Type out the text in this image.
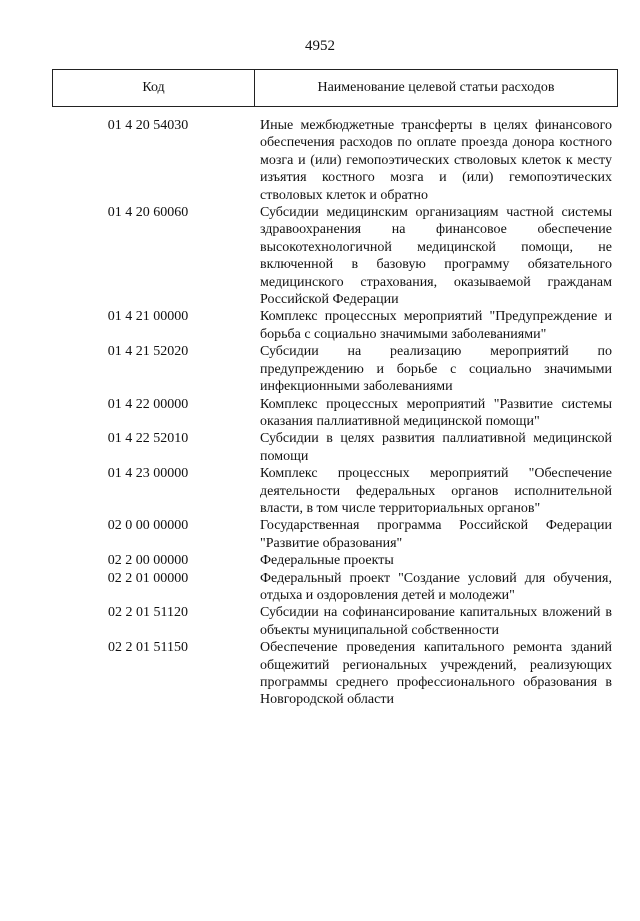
4952
Код	Наименование целевой статьи расходов
01 4 20 54030	Иные межбюджетные трансферты в целях финансового обеспечения расходов по оплате проезда донора костного мозга и (или) гемопоэтических стволовых клеток к месту изъятия костного мозга и (или) гемопоэтических стволовых клеток и обратно
01 4 20 60060	Субсидии медицинским организациям частной системы здравоохранения на финансовое обеспечение высокотехнологичной медицинской помощи, не включенной в базовую программу обязательного медицинского страхования, оказываемой гражданам Российской Федерации
01 4 21 00000	Комплекс процессных мероприятий "Предупреждение и борьба с социально значимыми заболеваниями"
01 4 21 52020	Субсидии на реализацию мероприятий по предупреждению и борьбе с социально значимыми инфекционными заболеваниями
01 4 22 00000	Комплекс процессных мероприятий "Развитие системы оказания паллиативной медицинской помощи"
01 4 22 52010	Субсидии в целях развития паллиативной медицинской помощи
01 4 23 00000	Комплекс процессных мероприятий "Обеспечение деятельности федеральных органов исполнительной власти, в том числе территориальных органов"
02 0 00 00000	Государственная программа Российской Федерации "Развитие образования"
02 2 00 00000	Федеральные проекты
02 2 01 00000	Федеральный проект "Создание условий для обучения, отдыха и оздоровления детей и молодежи"
02 2 01 51120	Субсидии на софинансирование капитальных вложений в объекты муниципальной собственности
02 2 01 51150	Обеспечение проведения капитального ремонта зданий общежитий региональных учреждений, реализующих программы среднего профессионального образования в Новгородской области
